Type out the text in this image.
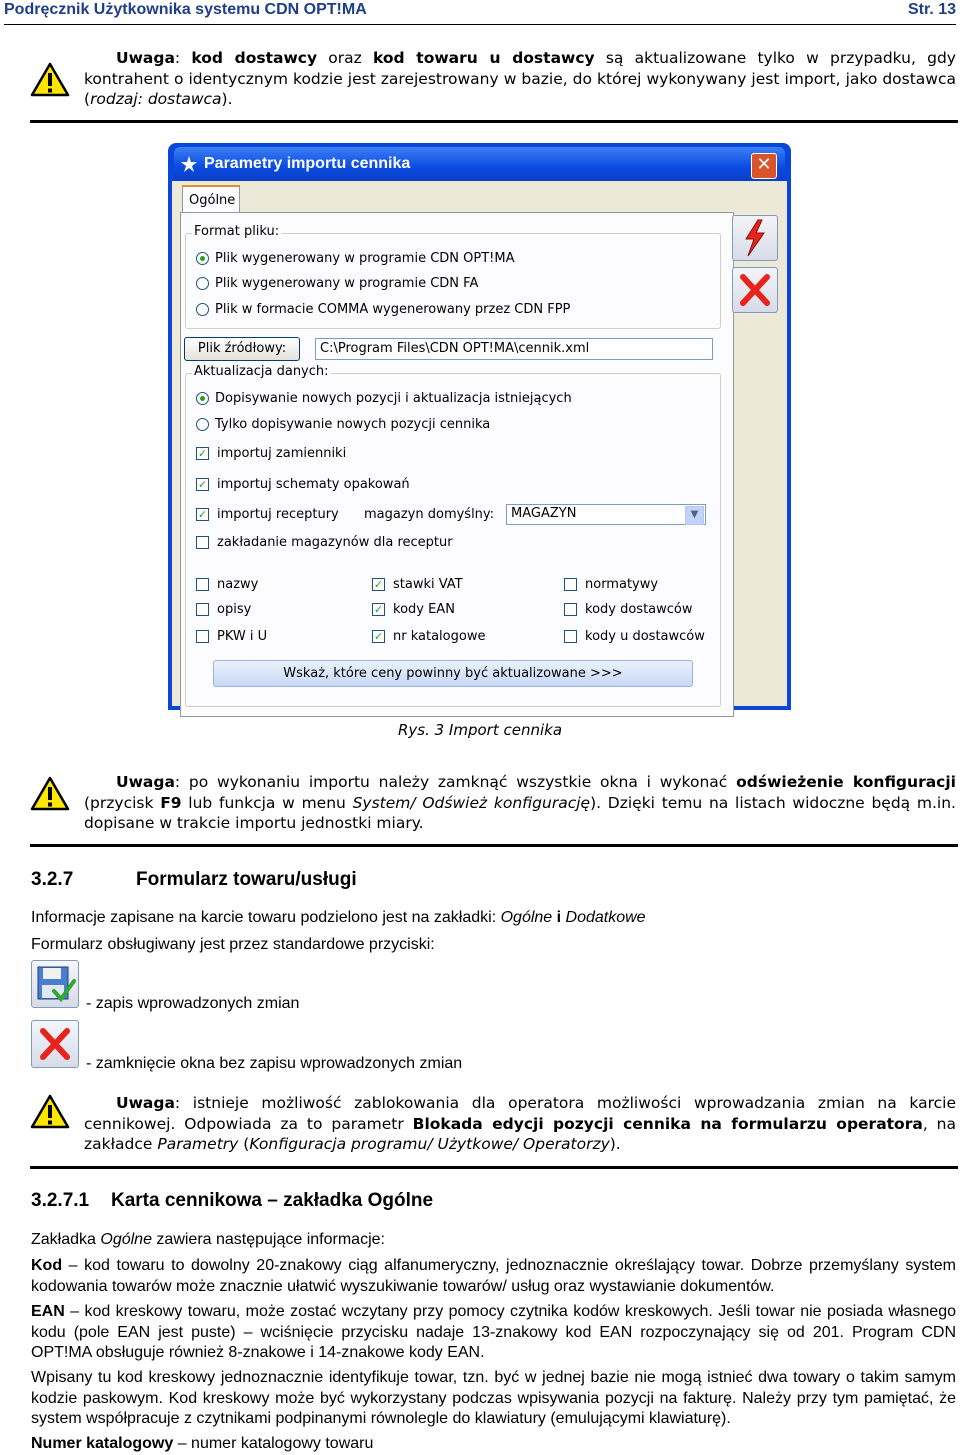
Podręcznik Użytkownika systemu CDN OPT!MA	Str. 13
Uwaga: kod dostawcy oraz kod towaru u dostawcy są aktualizowane tylko w przypadku, gdy kontrahent o identycznym kodzie jest zarejestrowany w bazie, do której wykonywany jest import, jako dostawca (rodzaj: dostawca).
Parametry importu cennika	✕
Ogólne
Format pliku:
Plik wygenerowany w programie CDN OPT!MA
Plik wygenerowany w programie CDN FA
Plik w formacie COMMA wygenerowany przez CDN FPP
Plik źródłowy:	C:\Program Files\CDN OPT!MA\cennik.xml
Aktualizacja danych:
Dopisywanie nowych pozycji i aktualizacja istniejących
Tylko dopisywanie nowych pozycji cennika
✓ importuj zamienniki
✓ importuj schematy opakowań
✓ importuj receptury magazyn domyślny:	MAGAZYN	▼
zakładanie magazynów dla receptur
nazwy	✓ stawki VAT	normatywy
opisy	✓ kody EAN	kody dostawców
PKW i U	✓ nr katalogowe	kody u dostawców
Wskaż, które ceny powinny być aktualizowane >>>
Rys. 3 Import cennika
Uwaga: po wykonaniu importu należy zamknąć wszystkie okna i wykonać odświeżenie konfiguracji (przycisk F9 lub funkcja w menu System/ Odśwież konfigurację). Dzięki temu na listach widoczne będą m.in. dopisane w trakcie importu jednostki miary.
3.2.7	Formularz towaru/usługi
Informacje zapisane na karcie towaru podzielono jest na zakładki: Ogólne i Dodatkowe
Formularz obsługiwany jest przez standardowe przyciski:
- zapis wprowadzonych zmian
- zamknięcie okna bez zapisu wprowadzonych zmian
Uwaga: istnieje możliwość zablokowania dla operatora możliwości wprowadzania zmian na karcie cennikowej. Odpowiada za to parametr Blokada edycji pozycji cennika na formularzu operatora, na zakładce Parametry (Konfiguracja programu/ Użytkowe/ Operatorzy).
3.2.7.1 Karta cennikowa – zakładka Ogólne
Zakładka Ogólne zawiera następujące informacje:
Kod – kod towaru to dowolny 20-znakowy ciąg alfanumeryczny, jednoznacznie określający towar. Dobrze przemyślany system kodowania towarów może znacznie ułatwić wyszukiwanie towarów/ usług oraz wystawianie dokumentów.
EAN – kod kreskowy towaru, może zostać wczytany przy pomocy czytnika kodów kreskowych. Jeśli towar nie posiada własnego kodu (pole EAN jest puste) – wciśnięcie przycisku nadaje 13-znakowy kod EAN rozpoczynający się od 201. Program CDN OPT!MA obsługuje również 8-znakowe i 14-znakowe kody EAN.
Wpisany tu kod kreskowy jednoznacznie identyfikuje towar, tzn. być w jednej bazie nie mogą istnieć dwa towary o takim samym kodzie paskowym. Kod kreskowy może być wykorzystany podczas wpisywania pozycji na fakturę. Należy przy tym pamiętać, że system współpracuje z czytnikami podpinanymi równolegle do klawiatury (emulującymi klawiaturę).
Numer katalogowy – numer katalogowy towaru
